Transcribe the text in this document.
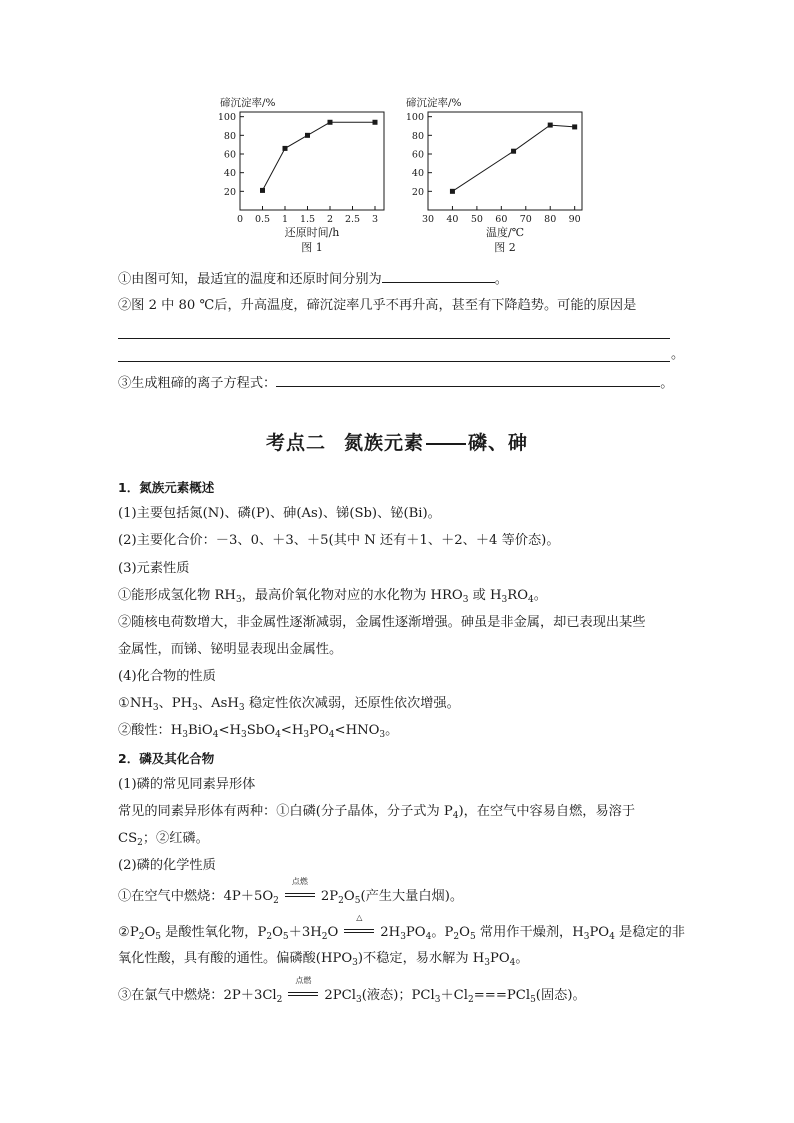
碲沉淀率/%
20
40
60
80
100
0 0.5 1 1.5 2 2.5 3
还原时间/h
图 1
碲沉淀率/%
20
40
60
80
100
30 40 50 60 70 80 90
温度/℃
图 2
①由图可知，最适宜的温度和还原时间分别为	。
②图 2 中 80 ℃后，升高温度，碲沉淀率几乎不再升高，甚至有下降趋势。可能的原因是
。
③生成粗碲的离子方程式：	。
考点二 氮族元素 磷、砷
1．氮族元素概述
(1)主要包括氮(N)、磷(P)、砷(As)、锑(Sb)、铋(Bi)。
(2)主要化合价：－3、0、＋3、＋5(其中 N 还有＋1、＋2、＋4 等价态)。
(3)元素性质
①能形成氢化物 $RH_3$，最高价氧化物对应的水化物为 $HRO_3$ 或 $H_3RO_4$。
②随核电荷数增大，非金属性逐渐减弱，金属性逐渐增强。砷虽是非金属，却已表现出某些
金属性，而锑、铋明显表现出金属性。
(4)化合物的性质
$①NH_3$、$PH_3$、AsH$_3$ 稳定性依次减弱，还原性依次增强。
②酸性：$H_3BiO_4<H_3SbO_4<H_3PO_4<HNO_3$。
2．磷及其化合物
(1)磷的常见同素异形体
常见的同素异形体有两种：①白磷(分子晶体，分子式为 $P_4$)，在空气中容易自燃，易溶于
$CS_2$；②红磷。
(2)磷的化学性质
①在空气中燃烧：$4P+5O_2$
点燃
$2P_2O_5$(产生大量白烟)。
$②P_2O_5$ 是酸性氧化物，$P_2O_5+3H_2O$
△
$2H_3PO_4$。$P_2O_5$ 常用作干燥剂，$H_3PO_4$ 是稳定的非
氧化性酸，具有酸的通性。偏磷酸$(HPO_3)$不稳定，易水解为 $H_3PO_4$。
③在氯气中燃烧：$2P+3Cl_2$
点燃
2PCl$_3$(液态)；$PCl_3+Cl_2===PCl_5$(固态)。
